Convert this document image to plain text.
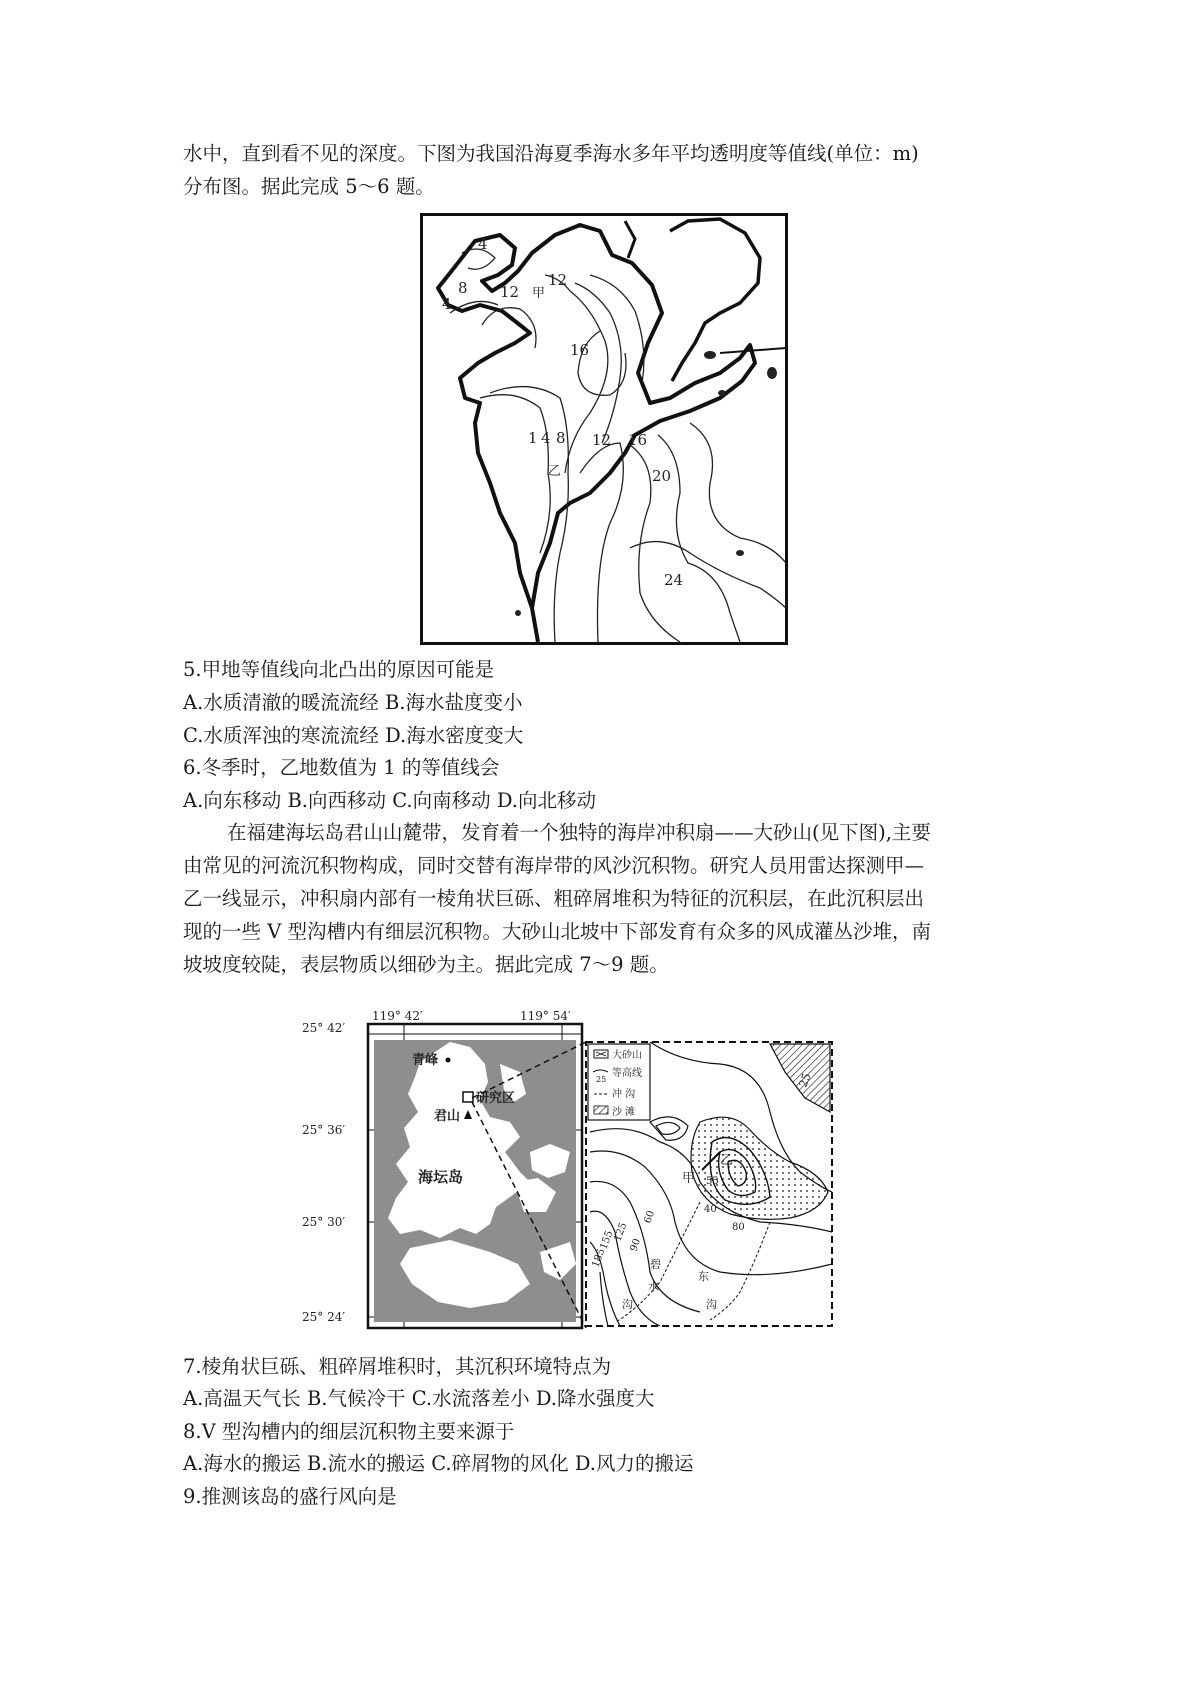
水中，直到看不见的深度。下图为我国沿海夏季海水多年平均透明度等值线(单位：m)
分布图。据此完成 5～6 题。
4
4
8 12 甲
12
16
1 4 8 12 16
乙	20
24
5.甲地等值线向北凸出的原因可能是
A.水质清澈的暖流流经 B.海水盐度变小
C.水质浑浊的寒流流经 D.海水密度变大
6.冬季时，乙地数值为 1 的等值线会
A.向东移动 B.向西移动 C.向南移动 D.向北移动
在福建海坛岛君山山麓带，发育着一个独特的海岸冲积扇——大砂山(见下图),主要
由常见的河流沉积物构成，同时交替有海岸带的风沙沉积物。研究人员用雷达探测甲—
乙一线显示，冲积扇内部有一棱角状巨砾、粗碎屑堆积为特征的沉积层，在此沉积层出
现的一些 V 型沟槽内有细层沉积物。大砂山北坡中下部发育有众多的风成灌丛沙堆，南
坡坡度较陡，表层物质以细砂为主。据此完成 7～9 题。
119° 42′	119° 54′
25° 42′
25° 36′
25° 30′
25° 24′
青峰
研究区
君山
海坛岛
大砂山
25
等高线
冲 沟
沙 滩
25
乙
甲 55
40
80
60
90
125
155
185	碧
水
沟
东
沟
7.棱角状巨砾、粗碎屑堆积时，其沉积环境特点为
A.高温天气长 B.气候冷干 C.水流落差小 D.降水强度大
8.V 型沟槽内的细层沉积物主要来源于
A.海水的搬运 B.流水的搬运 C.碎屑物的风化 D.风力的搬运
9.推测该岛的盛行风向是
